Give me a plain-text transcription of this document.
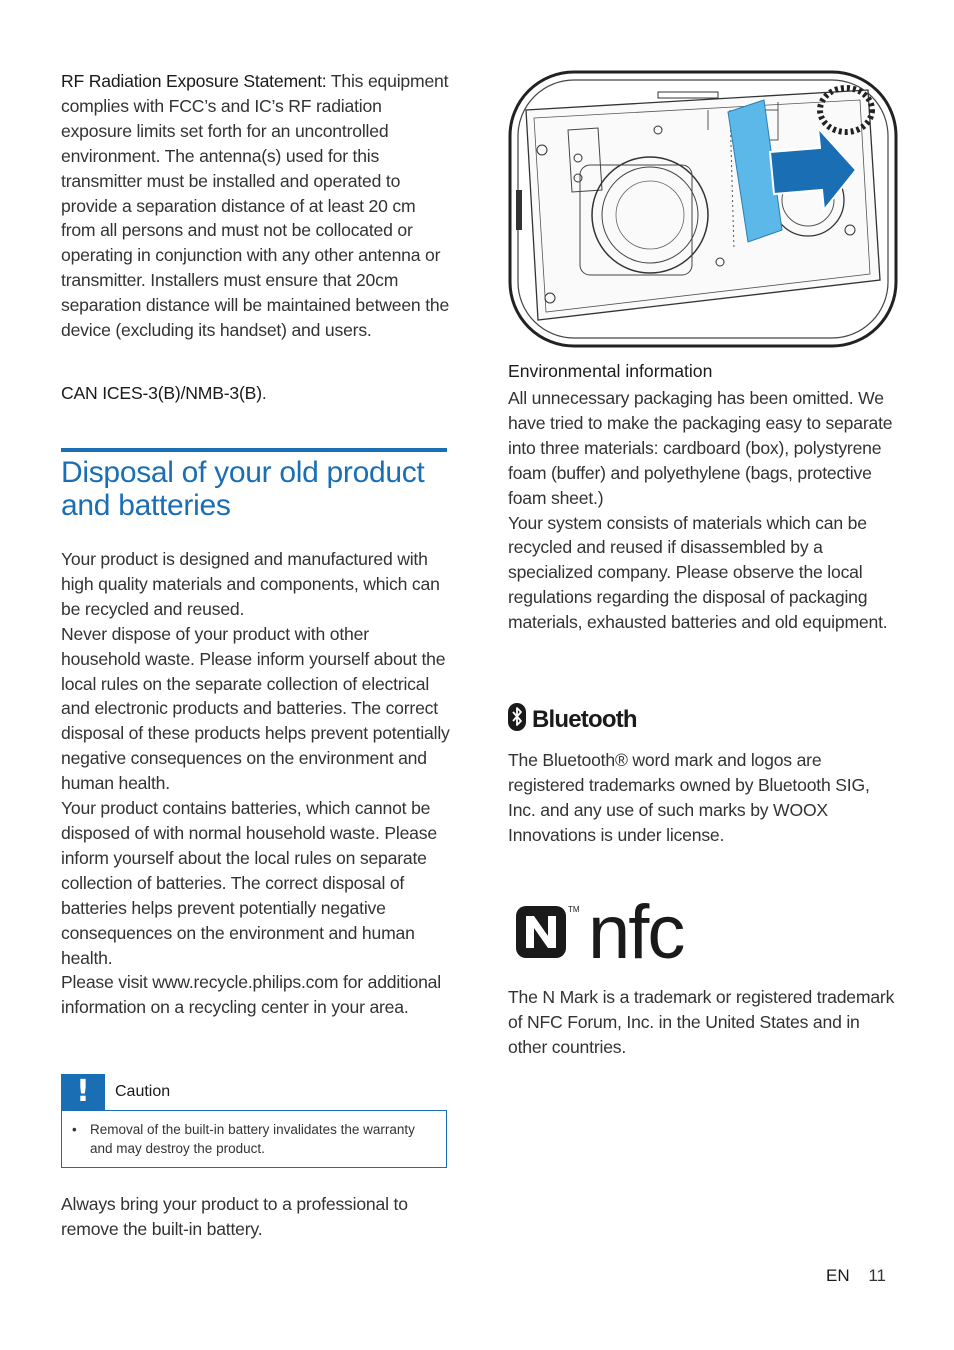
RF Radiation Exposure Statement: This equipment complies with FCC’s and IC’s RF radiation exposure limits set forth for an uncontrolled environment. The antenna(s) used for this transmitter must be installed and operated to provide a separation distance of at least 20 cm from all persons and must not be collocated or operating in conjunction with any other antenna or transmitter. Installers must ensure that 20cm separation distance will be maintained between the device (excluding its handset) and users.

CAN ICES-3(B)/NMB-3(B).

Disposal of your old product and batteries

Your product is designed and manufactured with high quality materials and components, which can be recycled and reused.

Never dispose of your product with other household waste. Please inform yourself about the local rules on the separate collection of electrical and electronic products and batteries. The correct disposal of these products helps prevent potentially negative consequences on the environment and human health.

Your product contains batteries, which cannot be disposed of with normal household waste. Please inform yourself about the local rules on separate collection of batteries. The correct disposal of batteries helps prevent potentially negative consequences on the environment and human health.

Please visit www.recycle.philips.com for additional information on a recycling center in your area.

!	Caution
• Removal of the built-in battery invalidates the warranty and may destroy the product.

Always bring your product to a professional to remove the built-in battery.

Environmental information

All unnecessary packaging has been omitted. We have tried to make the packaging easy to separate into three materials: cardboard (box), polystyrene foam (buffer) and polyethylene (bags, protective foam sheet.)

Your system consists of materials which can be recycled and reused if disassembled by a specialized company. Please observe the local regulations regarding the disposal of packaging materials, exhausted batteries and old equipment.

Bluetooth

The Bluetooth® word mark and logos are registered trademarks owned by Bluetooth SIG, Inc. and any use of such marks by WOOX Innovations is under license.

TM nfc

The N Mark is a trademark or registered trademark of NFC Forum, Inc. in the United States and in other countries.

EN 11
